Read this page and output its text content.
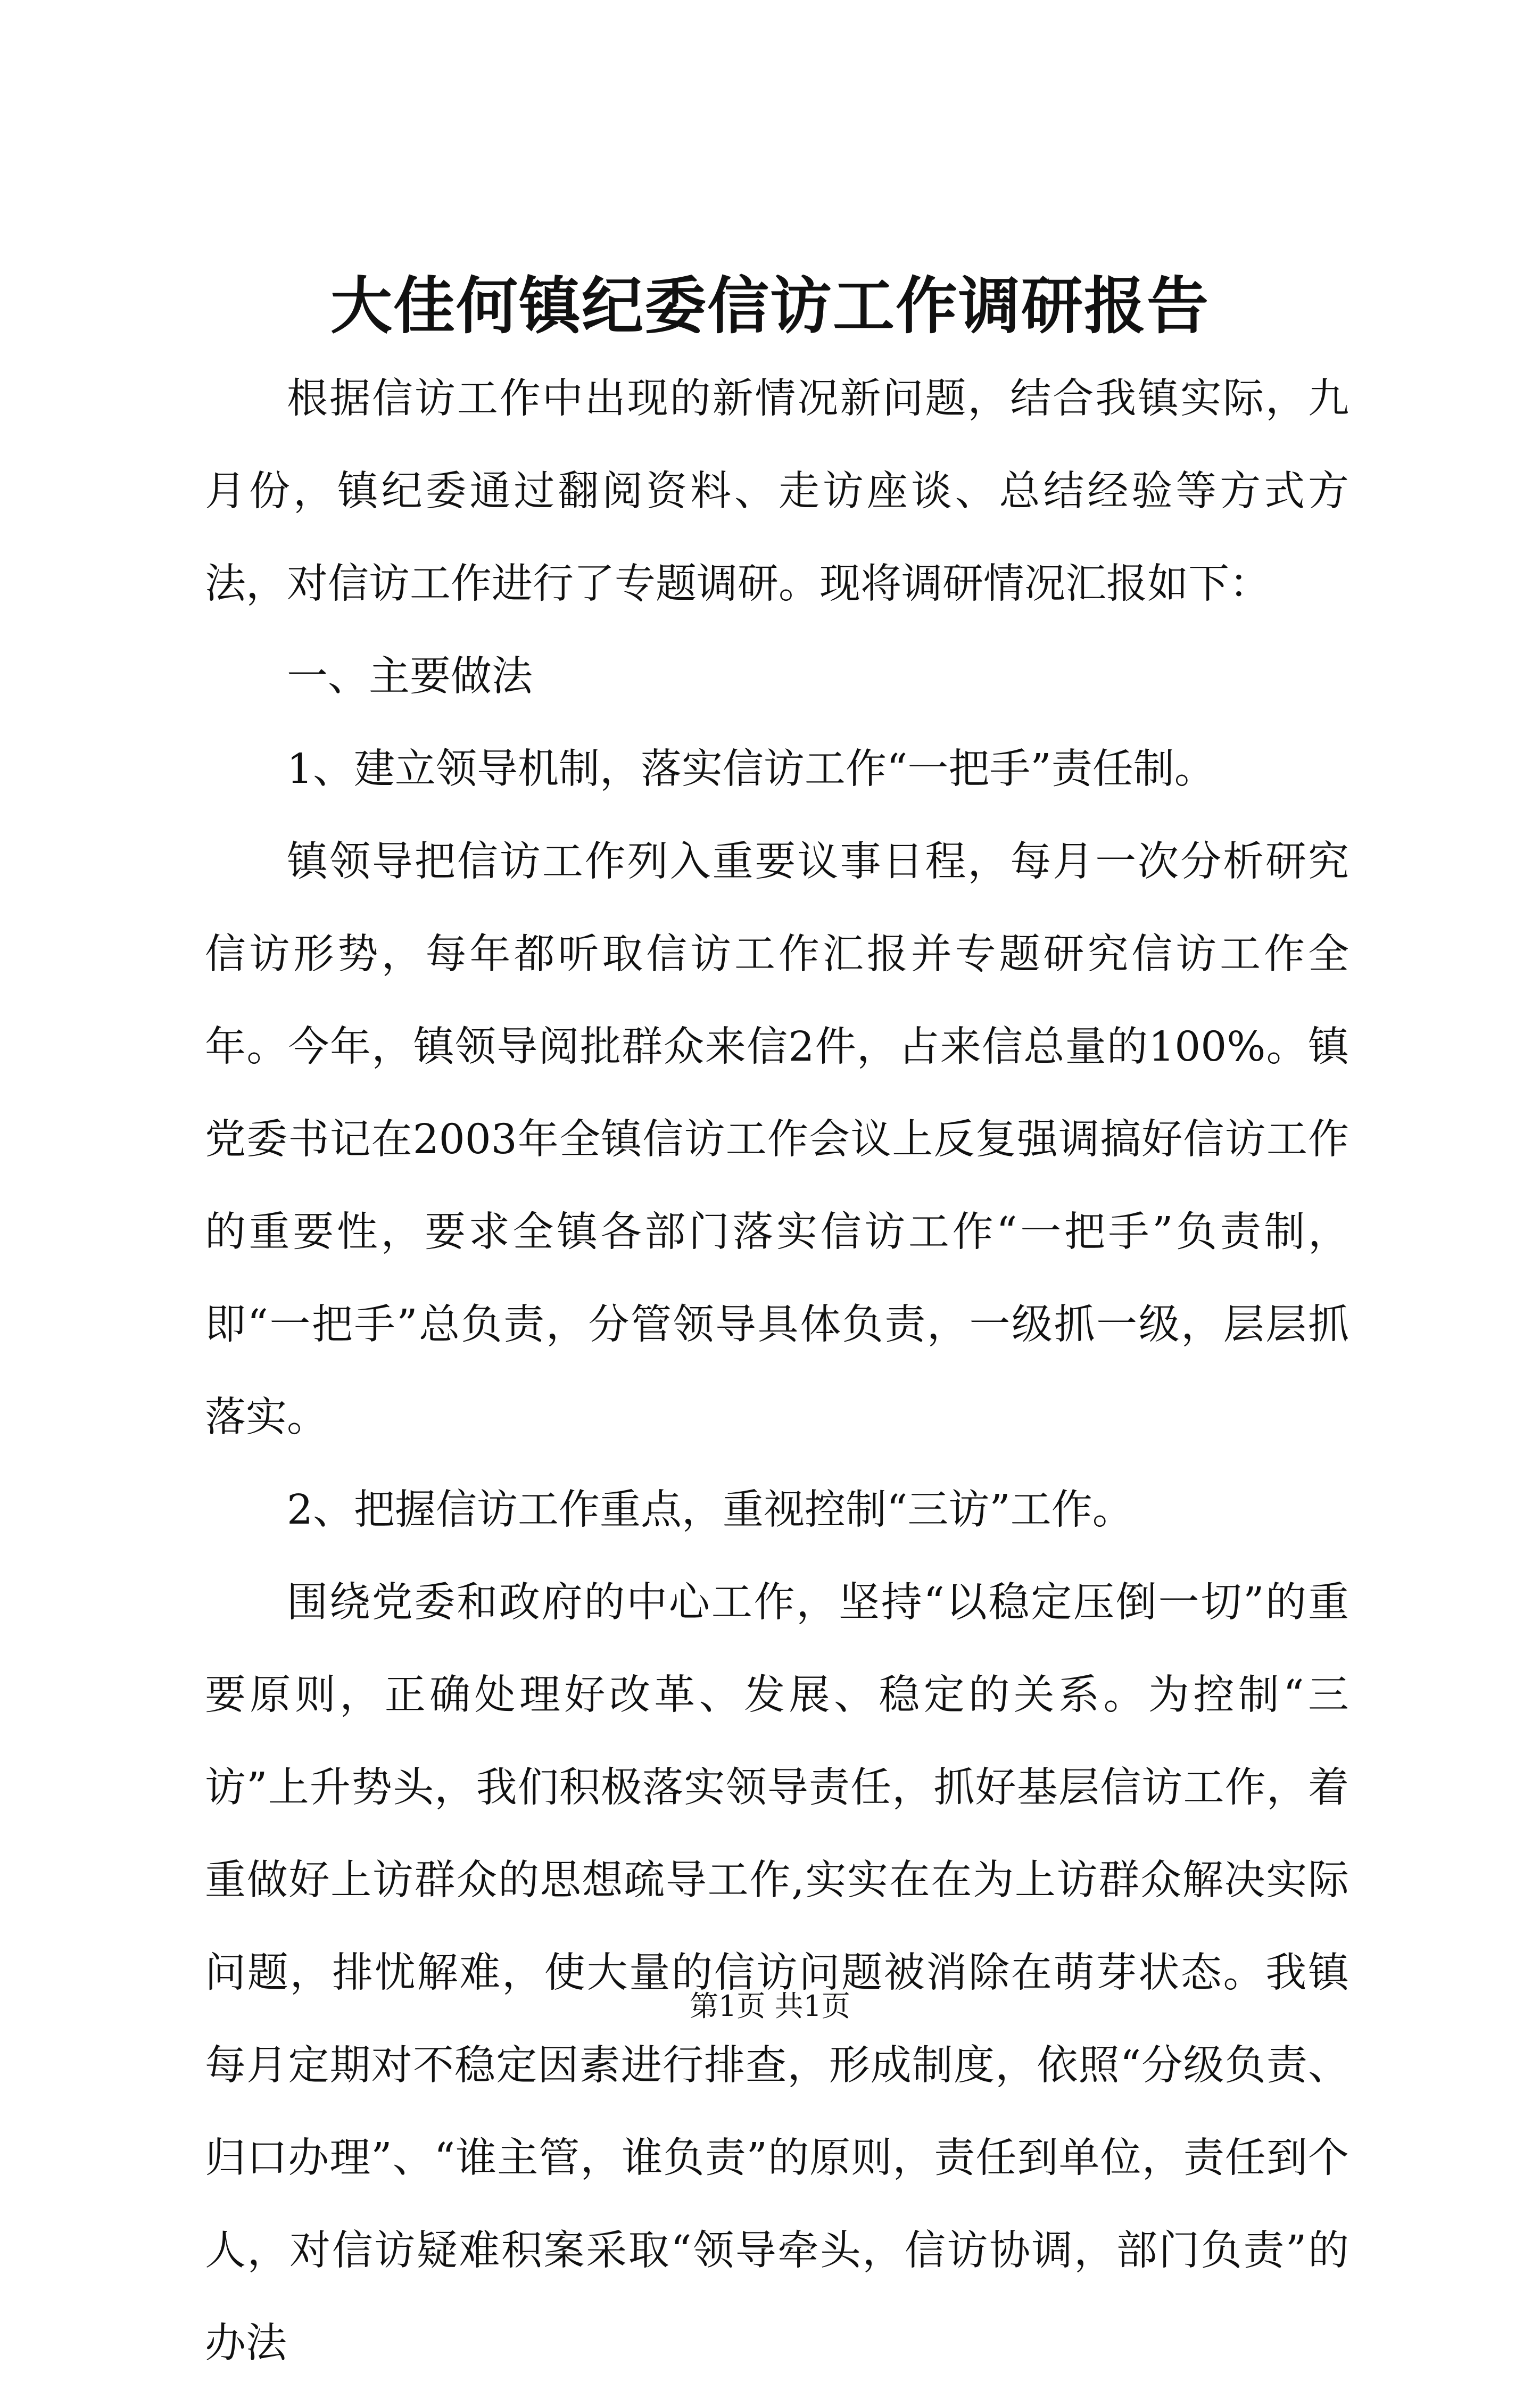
大佳何镇纪委信访工作调研报告

根据信访工作中出现的新情况新问题，结合我镇实际，九月份，镇纪委通过翻阅资料、走访座谈、总结经验等方式方法，对信访工作进行了专题调研。现将调研情况汇报如下：

一、主要做法

1、建立领导机制，落实信访工作“一把手”责任制。

镇领导把信访工作列入重要议事日程，每月一次分析研究信访形势，每年都听取信访工作汇报并专题研究信访工作全年。今年，镇领导阅批群众来信2件，占来信总量的100%。镇党委书记在2003年全镇信访工作会议上反复强调搞好信访工作的重要性，要求全镇各部门落实信访工作“一把手”负责制，即“一把手”总负责，分管领导具体负责，一级抓一级，层层抓落实。

2、把握信访工作重点，重视控制“三访”工作。

围绕党委和政府的中心工作，坚持“以稳定压倒一切”的重要原则，正确处理好改革、发展、稳定的关系。为控制“三访”上升势头，我们积极落实领导责任，抓好基层信访工作，着重做好上访群众的思想疏导工作,实实在在为上访群众解决实际问题，排忧解难，使大量的信访问题被消除在萌芽状态。我镇每月定期对不稳定因素进行排查，形成制度，依照“分级负责、归口办理”、“谁主管，谁负责”的原则，责任到单位，责任到个人，对信访疑难积案采取“领导牵头，信访协调，部门负责”的办法

第1页 共1页
